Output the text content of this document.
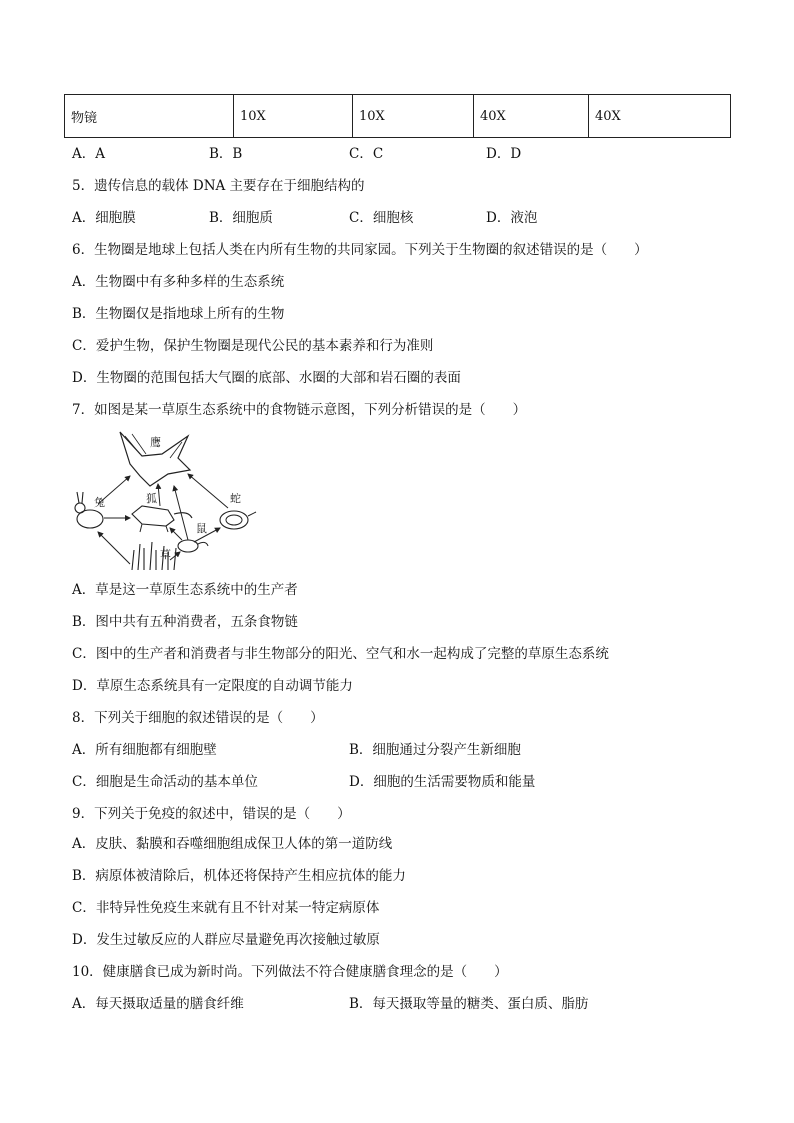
物镜	10X	10X	40X	40X
A．A	B．B	C．C	D．D
5．遗传信息的载体 DNA 主要存在于细胞结构的
A．细胞膜	B．细胞质	C．细胞核	D．液泡
6．生物圈是地球上包括人类在内所有生物的共同家园。下列关于生物圈的叙述错误的是（　　）
A．生物圈中有多种多样的生态系统
B．生物圈仅是指地球上所有的生物
C．爱护生物，保护生物圈是现代公民的基本素养和行为准则
D．生物圈的范围包括大气圈的底部、水圈的大部和岩石圈的表面
7．如图是某一草原生态系统中的食物链示意图，下列分析错误的是（　　）
鹰
兔	狐	蛇
鼠
草
A．草是这一草原生态系统中的生产者
B．图中共有五种消费者，五条食物链
C．图中的生产者和消费者与非生物部分的阳光、空气和水一起构成了完整的草原生态系统
D．草原生态系统具有一定限度的自动调节能力
8．下列关于细胞的叙述错误的是（　　）
A．所有细胞都有细胞壁	B．细胞通过分裂产生新细胞
C．细胞是生命活动的基本单位	D．细胞的生活需要物质和能量
9．下列关于免疫的叙述中，错误的是（　　）
A．皮肤、黏膜和吞噬细胞组成保卫人体的第一道防线
B．病原体被清除后，机体还将保持产生相应抗体的能力
C．非特异性免疫生来就有且不针对某一特定病原体
D．发生过敏反应的人群应尽量避免再次接触过敏原
10．健康膳食已成为新时尚。下列做法不符合健康膳食理念的是（　　）
A．每天摄取适量的膳食纤维	B．每天摄取等量的糖类、蛋白质、脂肪
